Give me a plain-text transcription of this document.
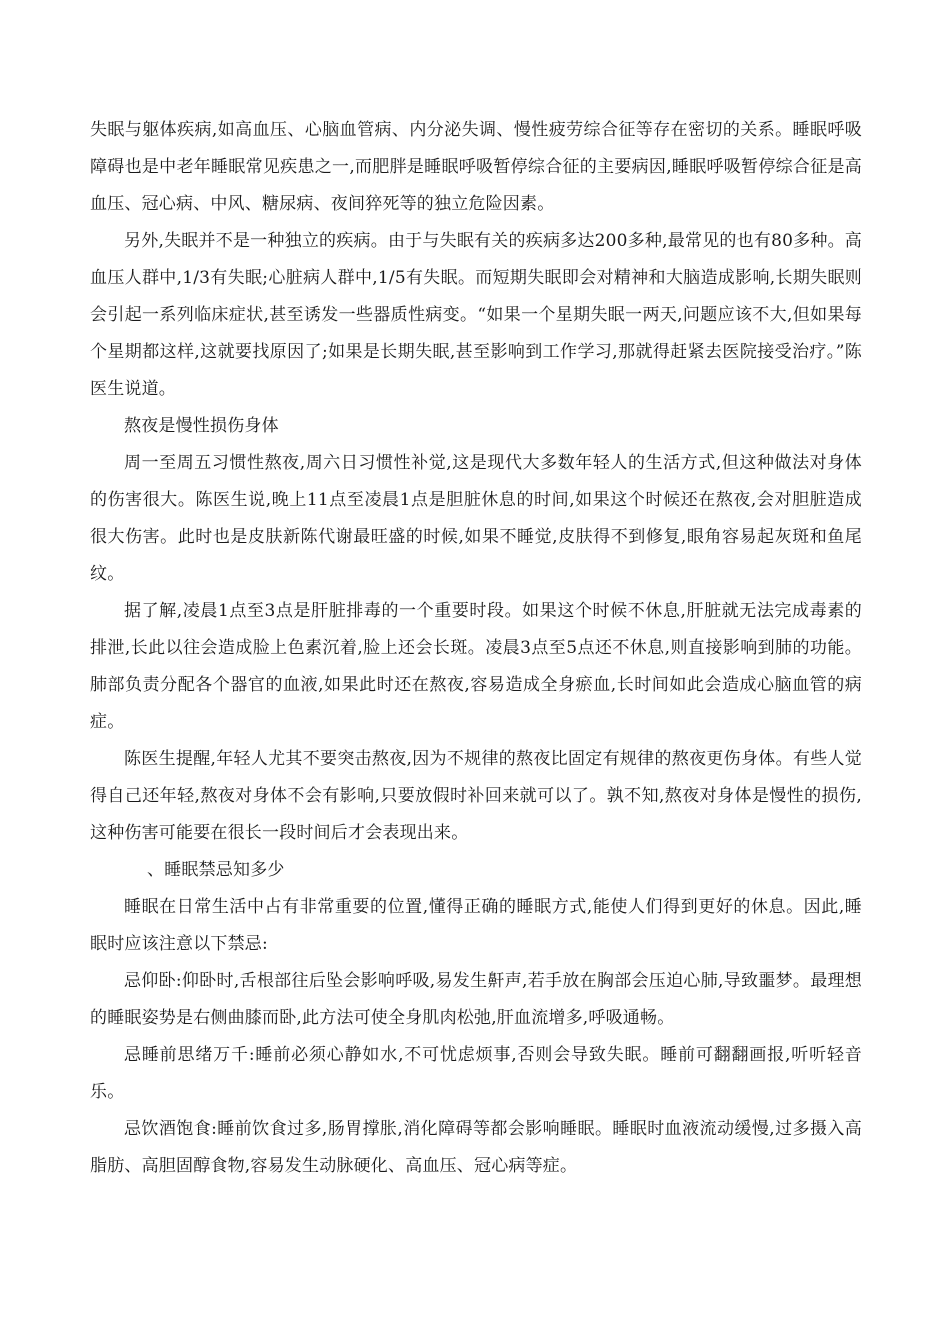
失眠与躯体疾病,如高血压、心脑血管病、内分泌失调、慢性疲劳综合征等存在密切的关系。睡眠呼吸障碍也是中老年睡眠常见疾患之一,而肥胖是睡眠呼吸暂停综合征的主要病因,睡眠呼吸暂停综合征是高血压、冠心病、中风、糖尿病、夜间猝死等的独立危险因素。

另外,失眠并不是一种独立的疾病。由于与失眠有关的疾病多达200多种,最常见的也有80多种。高血压人群中,1/3有失眠;心脏病人群中,1/5有失眠。而短期失眠即会对精神和大脑造成影响,长期失眠则会引起一系列临床症状,甚至诱发一些器质性病变。“如果一个星期失眠一两天,问题应该不大,但如果每个星期都这样,这就要找原因了;如果是长期失眠,甚至影响到工作学习,那就得赶紧去医院接受治疗。”陈医生说道。

熬夜是慢性损伤身体

周一至周五习惯性熬夜,周六日习惯性补觉,这是现代大多数年轻人的生活方式,但这种做法对身体的伤害很大。陈医生说,晚上11点至凌晨1点是胆脏休息的时间,如果这个时候还在熬夜,会对胆脏造成很大伤害。此时也是皮肤新陈代谢最旺盛的时候,如果不睡觉,皮肤得不到修复,眼角容易起灰斑和鱼尾纹。

据了解,凌晨1点至3点是肝脏排毒的一个重要时段。如果这个时候不休息,肝脏就无法完成毒素的排泄,长此以往会造成脸上色素沉着,脸上还会长斑。凌晨3点至5点还不休息,则直接影响到肺的功能。肺部负责分配各个器官的血液,如果此时还在熬夜,容易造成全身瘀血,长时间如此会造成心脑血管的病症。

陈医生提醒,年轻人尤其不要突击熬夜,因为不规律的熬夜比固定有规律的熬夜更伤身体。有些人觉得自己还年轻,熬夜对身体不会有影响,只要放假时补回来就可以了。孰不知,熬夜对身体是慢性的损伤,这种伤害可能要在很长一段时间后才会表现出来。

、睡眠禁忌知多少

睡眠在日常生活中占有非常重要的位置,懂得正确的睡眠方式,能使人们得到更好的休息。因此,睡眠时应该注意以下禁忌:

忌仰卧:仰卧时,舌根部往后坠会影响呼吸,易发生鼾声,若手放在胸部会压迫心肺,导致噩梦。最理想的睡眠姿势是右侧曲膝而卧,此方法可使全身肌肉松弛,肝血流增多,呼吸通畅。

忌睡前思绪万千:睡前必须心静如水,不可忧虑烦事,否则会导致失眠。睡前可翻翻画报,听听轻音乐。

忌饮酒饱食:睡前饮食过多,肠胃撑胀,消化障碍等都会影响睡眠。睡眠时血液流动缓慢,过多摄入高脂肪、高胆固醇食物,容易发生动脉硬化、高血压、冠心病等症。
